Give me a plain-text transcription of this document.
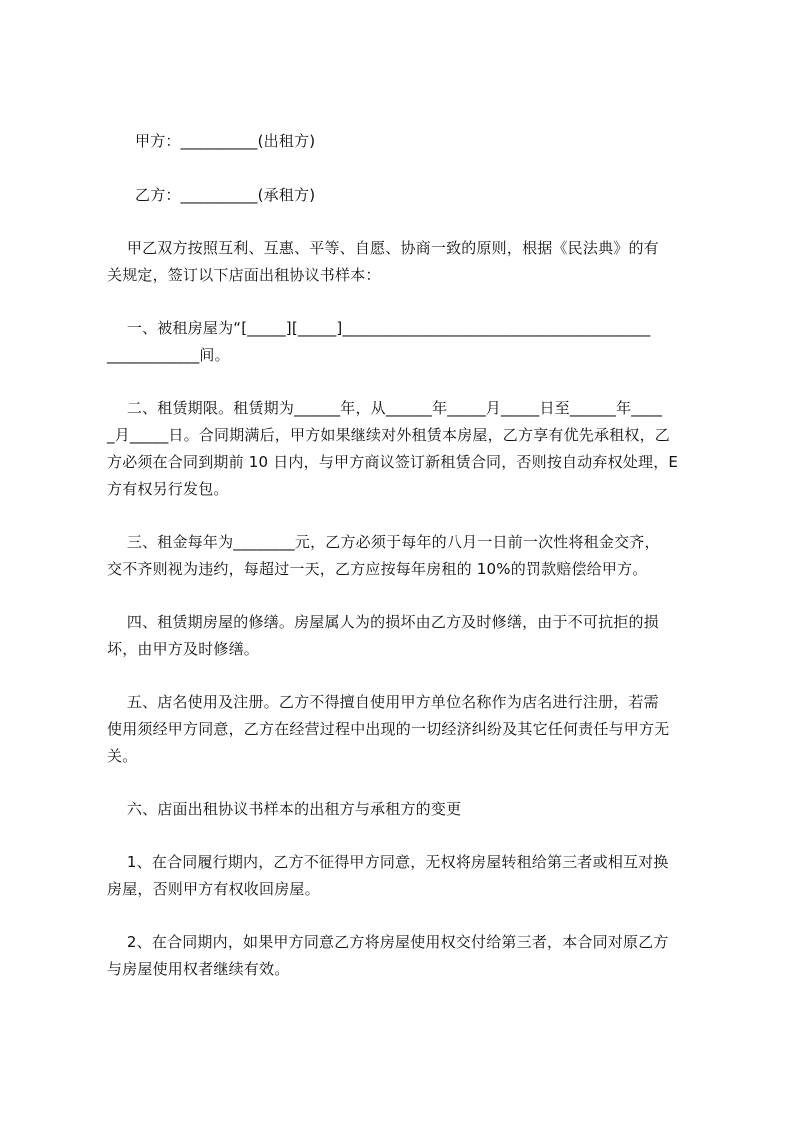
甲方：__________(出租方)
乙方：__________(承租方)
甲乙双方按照互利、互惠、平等、自愿、协商一致的原则，根据《民法典》的有
关规定，签订以下店面出租协议书样本：
一、被租房屋为“[_____][_____]________________________________________
____________间。
二、租赁期限。租赁期为______年，从______年_____月_____日至______年____
_月_____日。合同期满后，甲方如果继续对外租赁本房屋，乙方享有优先承租权，乙
方必须在合同到期前 10 日内，与甲方商议签订新租赁合同，否则按自动弃权处理，E
方有权另行发包。
三、租金每年为________元，乙方必须于每年的八月一日前一次性将租金交齐，
交不齐则视为违约，每超过一天，乙方应按每年房租的 10%的罚款赔偿给甲方。
四、租赁期房屋的修缮。房屋属人为的损坏由乙方及时修缮，由于不可抗拒的损
坏，由甲方及时修缮。
五、店名使用及注册。乙方不得擅自使用甲方单位名称作为店名进行注册，若需
使用须经甲方同意，乙方在经营过程中出现的一切经济纠纷及其它任何责任与甲方无
关。
六、店面出租协议书样本的出租方与承租方的变更
1、在合同履行期内，乙方不征得甲方同意，无权将房屋转租给第三者或相互对换
房屋，否则甲方有权收回房屋。
2、在合同期内，如果甲方同意乙方将房屋使用权交付给第三者，本合同对原乙方
与房屋使用权者继续有效。
